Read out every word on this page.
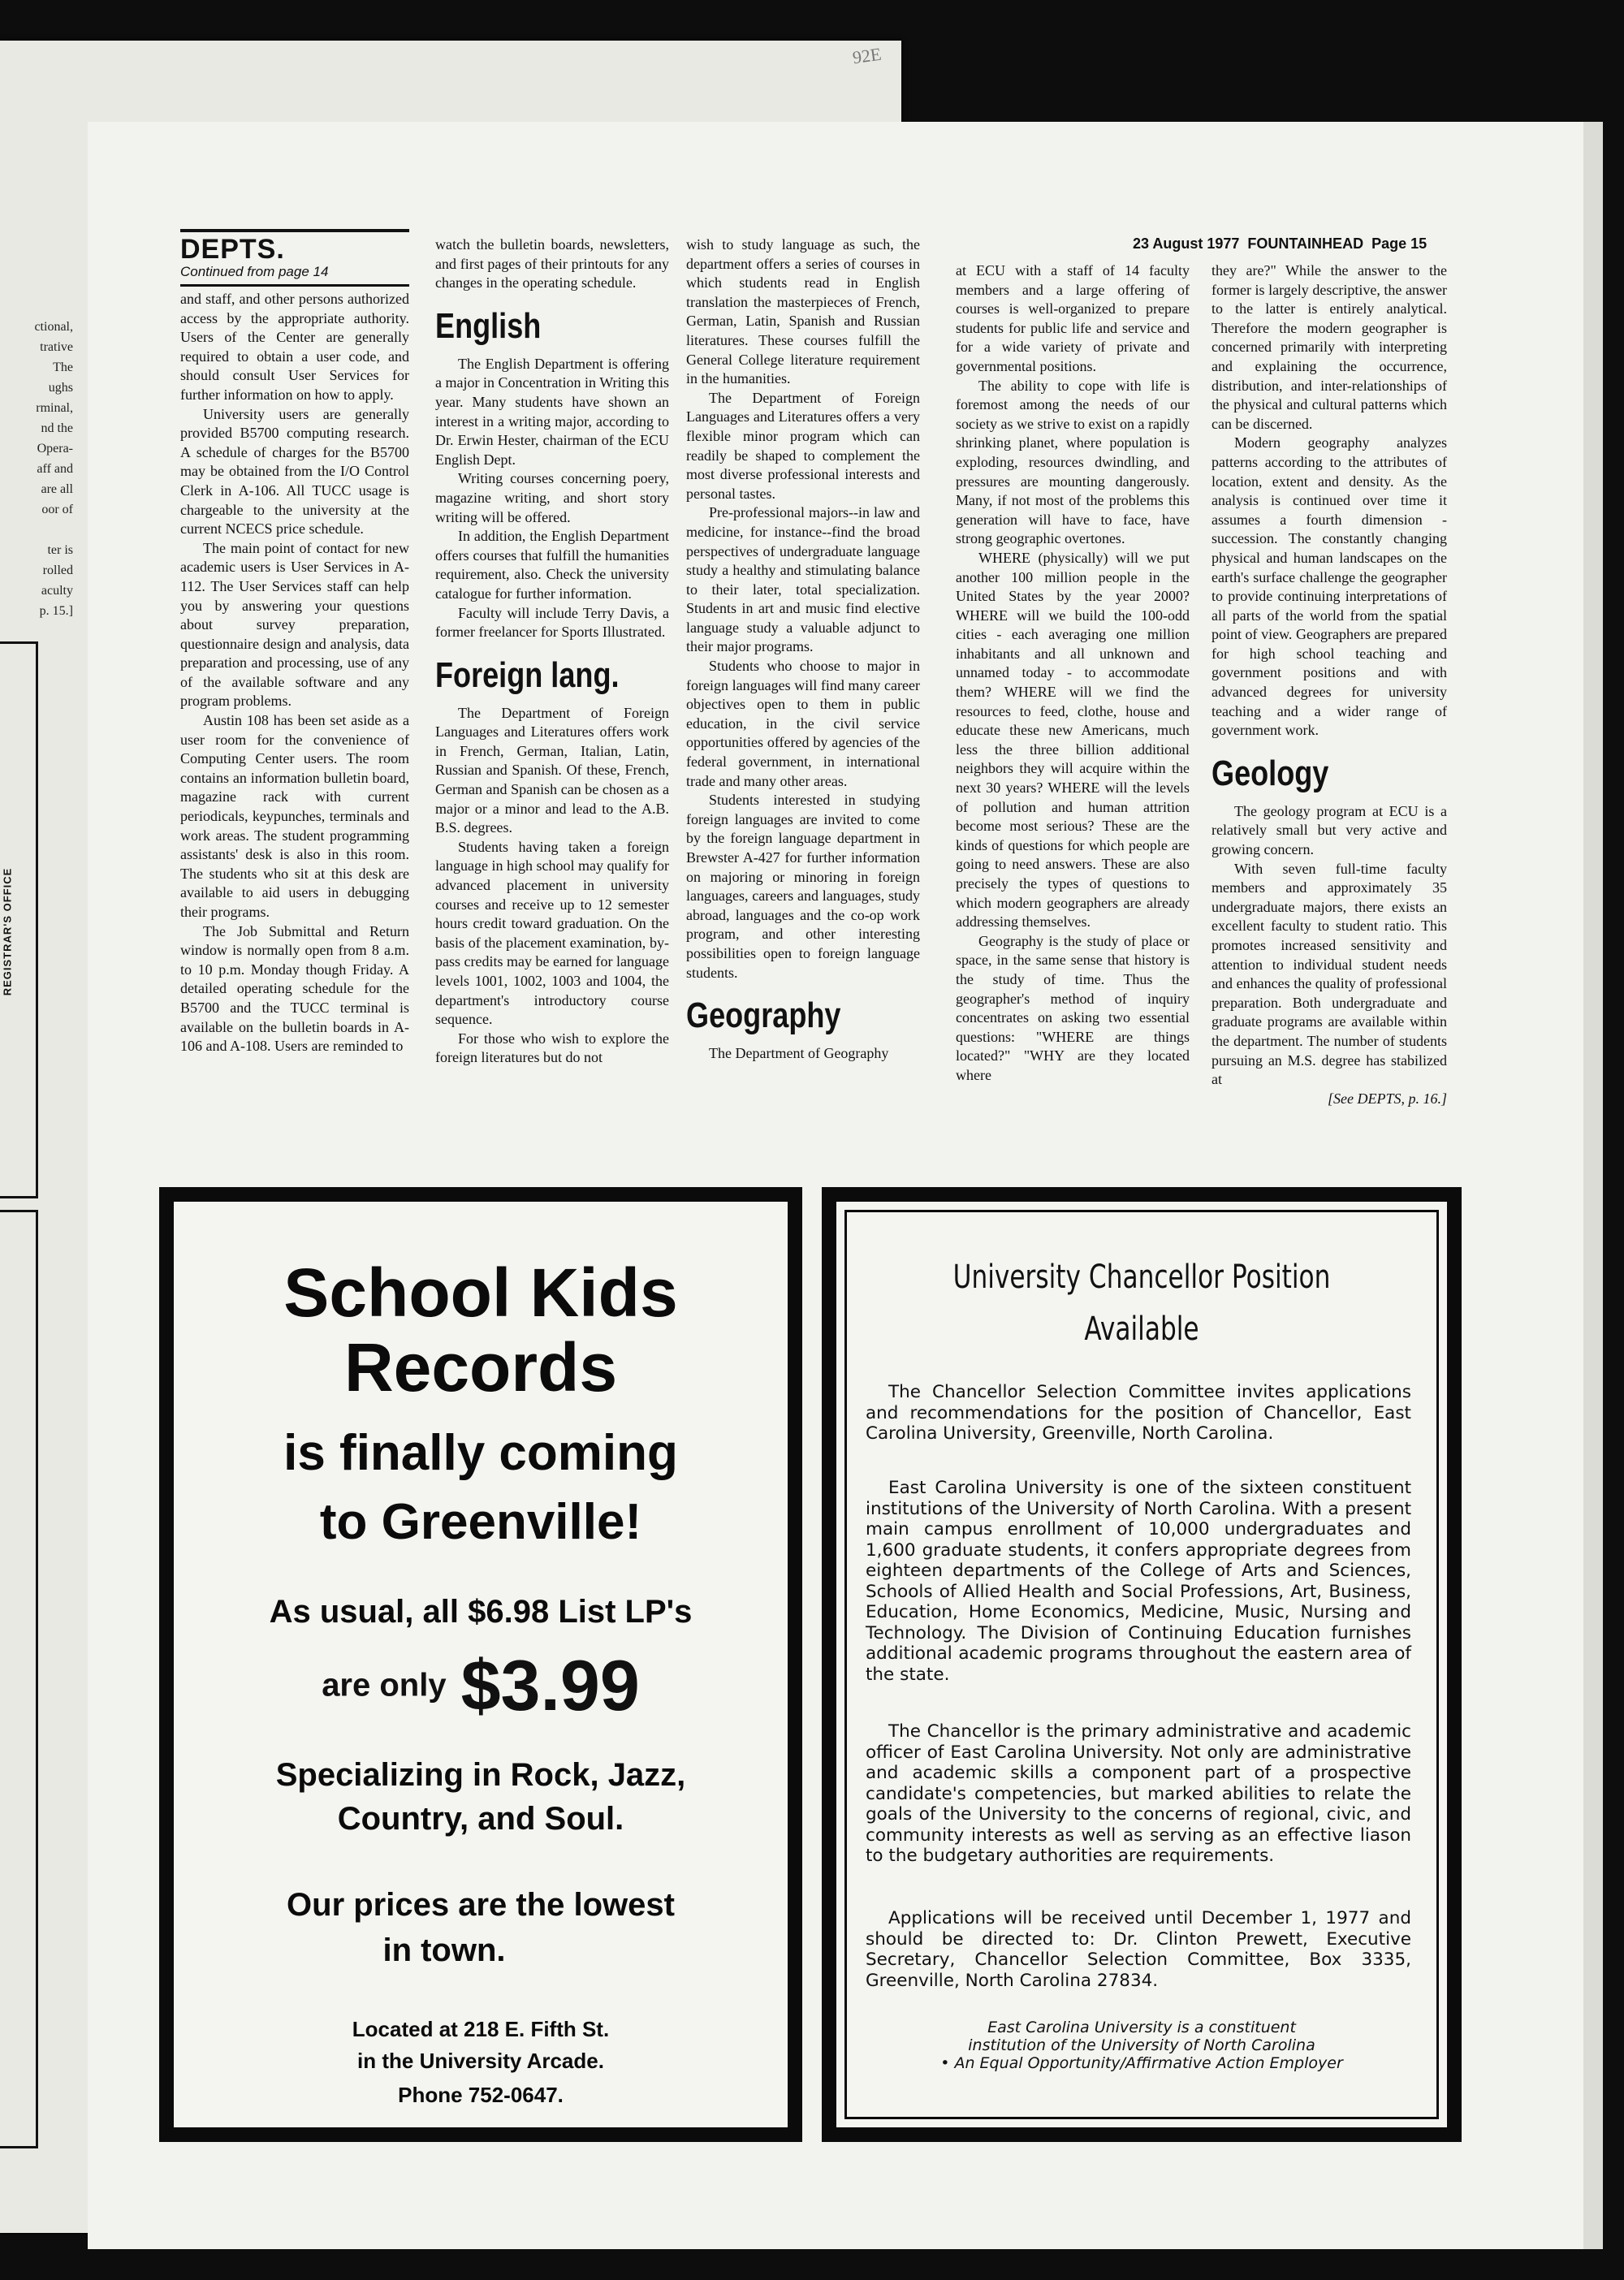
92E
ctional,
trative
The
ughs
rminal,
nd the
Opera-
aff and
are all
oor of

ter is
rolled
aculty
p. 15.]
REGISTRAR'S OFFICE
23 August 1977 FOUNTAINHEAD Page 15
DEPTS.
Continued from page 14

and staff, and other persons authorized access by the appropriate authority. Users of the Center are generally required to obtain a user code, and should consult User Services for further information on how to apply.

University users are generally provided B5700 computing research. A schedule of charges for the B5700 may be obtained from the I/O Control Clerk in A-106. All TUCC usage is chargeable to the university at the current NCECS price schedule.

The main point of contact for new academic users is User Services in A-112. The User Services staff can help you by answering your questions about survey preparation, questionnaire design and analysis, data preparation and processing, use of any of the available software and any program problems.

Austin 108 has been set aside as a user room for the convenience of Computing Center users. The room contains an information bulletin board, magazine rack with current periodicals, keypunches, terminals and work areas. The student programming assistants' desk is also in this room. The students who sit at this desk are available to aid users in debugging their programs.

The Job Submittal and Return window is normally open from 8 a.m. to 10 p.m. Monday though Friday. A detailed operating schedule for the B5700 and the TUCC terminal is available on the bulletin boards in A-106 and A-108. Users are reminded to

watch the bulletin boards, newsletters, and first pages of their printouts for any changes in the operating schedule.

English

The English Department is offering a major in Concentration in Writing this year. Many students have shown an interest in a writing major, according to Dr. Erwin Hester, chairman of the ECU English Dept.

Writing courses concerning poery, magazine writing, and short story writing will be offered.

In addition, the English Department offers courses that fulfill the humanities requirement, also. Check the university catalogue for further information.

Faculty will include Terry Davis, a former freelancer for Sports Illustrated.

Foreign lang.

The Department of Foreign Languages and Literatures offers work in French, German, Italian, Latin, Russian and Spanish. Of these, French, German and Spanish can be chosen as a major or a minor and lead to the A.B. B.S. degrees.

Students having taken a foreign language in high school may qualify for advanced placement in university courses and receive up to 12 semester hours credit toward graduation. On the basis of the placement examination, by-pass credits may be earned for language levels 1001, 1002, 1003 and 1004, the department's introductory course sequence.

For those who wish to explore the foreign literatures but do not

wish to study language as such, the department offers a series of courses in which students read in English translation the masterpieces of French, German, Latin, Spanish and Russian literatures. These courses fulfill the General College literature requirement in the humanities.

The Department of Foreign Languages and Literatures offers a very flexible minor program which can readily be shaped to complement the most diverse professional interests and personal tastes.

Pre-professional majors--in law and medicine, for instance--find the broad perspectives of undergraduate language study a healthy and stimulating balance to their later, total specialization. Students in art and music find elective language study a valuable adjunct to their major programs.

Students who choose to major in foreign languages will find many career objectives open to them in public education, in the civil service opportunities offered by agencies of the federal government, in international trade and many other areas.

Students interested in studying foreign languages are invited to come by the foreign language department in Brewster A-427 for further information on majoring or minoring in foreign languages, careers and languages, study abroad, languages and the co-op work program, and other interesting possibilities open to foreign language students.

Geography

The Department of Geography

at ECU with a staff of 14 faculty members and a large offering of courses is well-organized to prepare students for public life and service and for a wide variety of private and governmental positions.

The ability to cope with life is foremost among the needs of our society as we strive to exist on a rapidly shrinking planet, where population is exploding, resources dwindling, and pressures are mounting dangerously. Many, if not most of the problems this generation will have to face, have strong geographic overtones.

WHERE (physically) will we put another 100 million people in the United States by the year 2000? WHERE will we build the 100-odd cities - each averaging one million inhabitants and all unknown and unnamed today - to accommodate them? WHERE will we find the resources to feed, clothe, house and educate these new Americans, much less the three billion additional neighbors they will acquire within the next 30 years? WHERE will the levels of pollution and human attrition become most serious? These are the kinds of questions for which people are going to need answers. These are also precisely the types of questions to which modern geographers are already addressing themselves.

Geography is the study of place or space, in the same sense that history is the study of time. Thus the geographer's method of inquiry concentrates on asking two essential questions: "WHERE are things located?" "WHY are they located where

they are?" While the answer to the former is largely descriptive, the answer to the latter is entirely analytical. Therefore the modern geographer is concerned primarily with interpreting and explaining the occurrence, distribution, and inter-relationships of the physical and cultural patterns which can be discerned.

Modern geography analyzes patterns according to the attributes of location, extent and density. As the analysis is continued over time it assumes a fourth dimension - succession. The constantly changing physical and human landscapes on the earth's surface challenge the geographer to provide continuing interpretations of all parts of the world from the spatial point of view. Geographers are prepared for high school teaching and government positions and with advanced degrees for university teaching and a wider range of government work.

Geology

The geology program at ECU is a relatively small but very active and growing concern.

With seven full-time faculty members and approximately 35 undergraduate majors, there exists an excellent faculty to student ratio. This promotes increased sensitivity and attention to individual student needs and enhances the quality of professional preparation. Both undergraduate and graduate programs are available within the department. The number of students pursuing an M.S. degree has stabilized at

[See DEPTS, p. 16.]
School Kids
Records
is finally coming
to Greenville!
As usual, all $6.98 List LP's
are only $3.99
Specializing in Rock, Jazz,
Country, and Soul.
Our prices are the lowest
in town.
Located at 218 E. Fifth St.
in the University Arcade.
Phone 752-0647.
University Chancellor Position
Available
The Chancellor Selection Committee invites applications and recommendations for the position of Chancellor, East Carolina University, Greenville, North Carolina.
East Carolina University is one of the sixteen constituent institutions of the University of North Carolina. With a present main campus enrollment of 10,000 undergraduates and 1,600 graduate students, it confers appropriate degrees from eighteen departments of the College of Arts and Sciences, Schools of Allied Health and Social Professions, Art, Business, Education, Home Economics, Medicine, Music, Nursing and Technology. The Division of Continuing Education furnishes additional academic programs throughout the eastern area of the state.
The Chancellor is the primary administrative and academic officer of East Carolina University. Not only are administrative and academic skills a component part of a prospective candidate's competencies, but marked abilities to relate the goals of the University to the concerns of regional, civic, and community interests as well as serving as an effective liason to the budgetary authorities are requirements.
Applications will be received until December 1, 1977 and should be directed to: Dr. Clinton Prewett, Executive Secretary, Chancellor Selection Committee, Box 3335, Greenville, North Carolina 27834.
East Carolina University is a constituent
institution of the University of North Carolina
• An Equal Opportunity/Affirmative Action Employer
